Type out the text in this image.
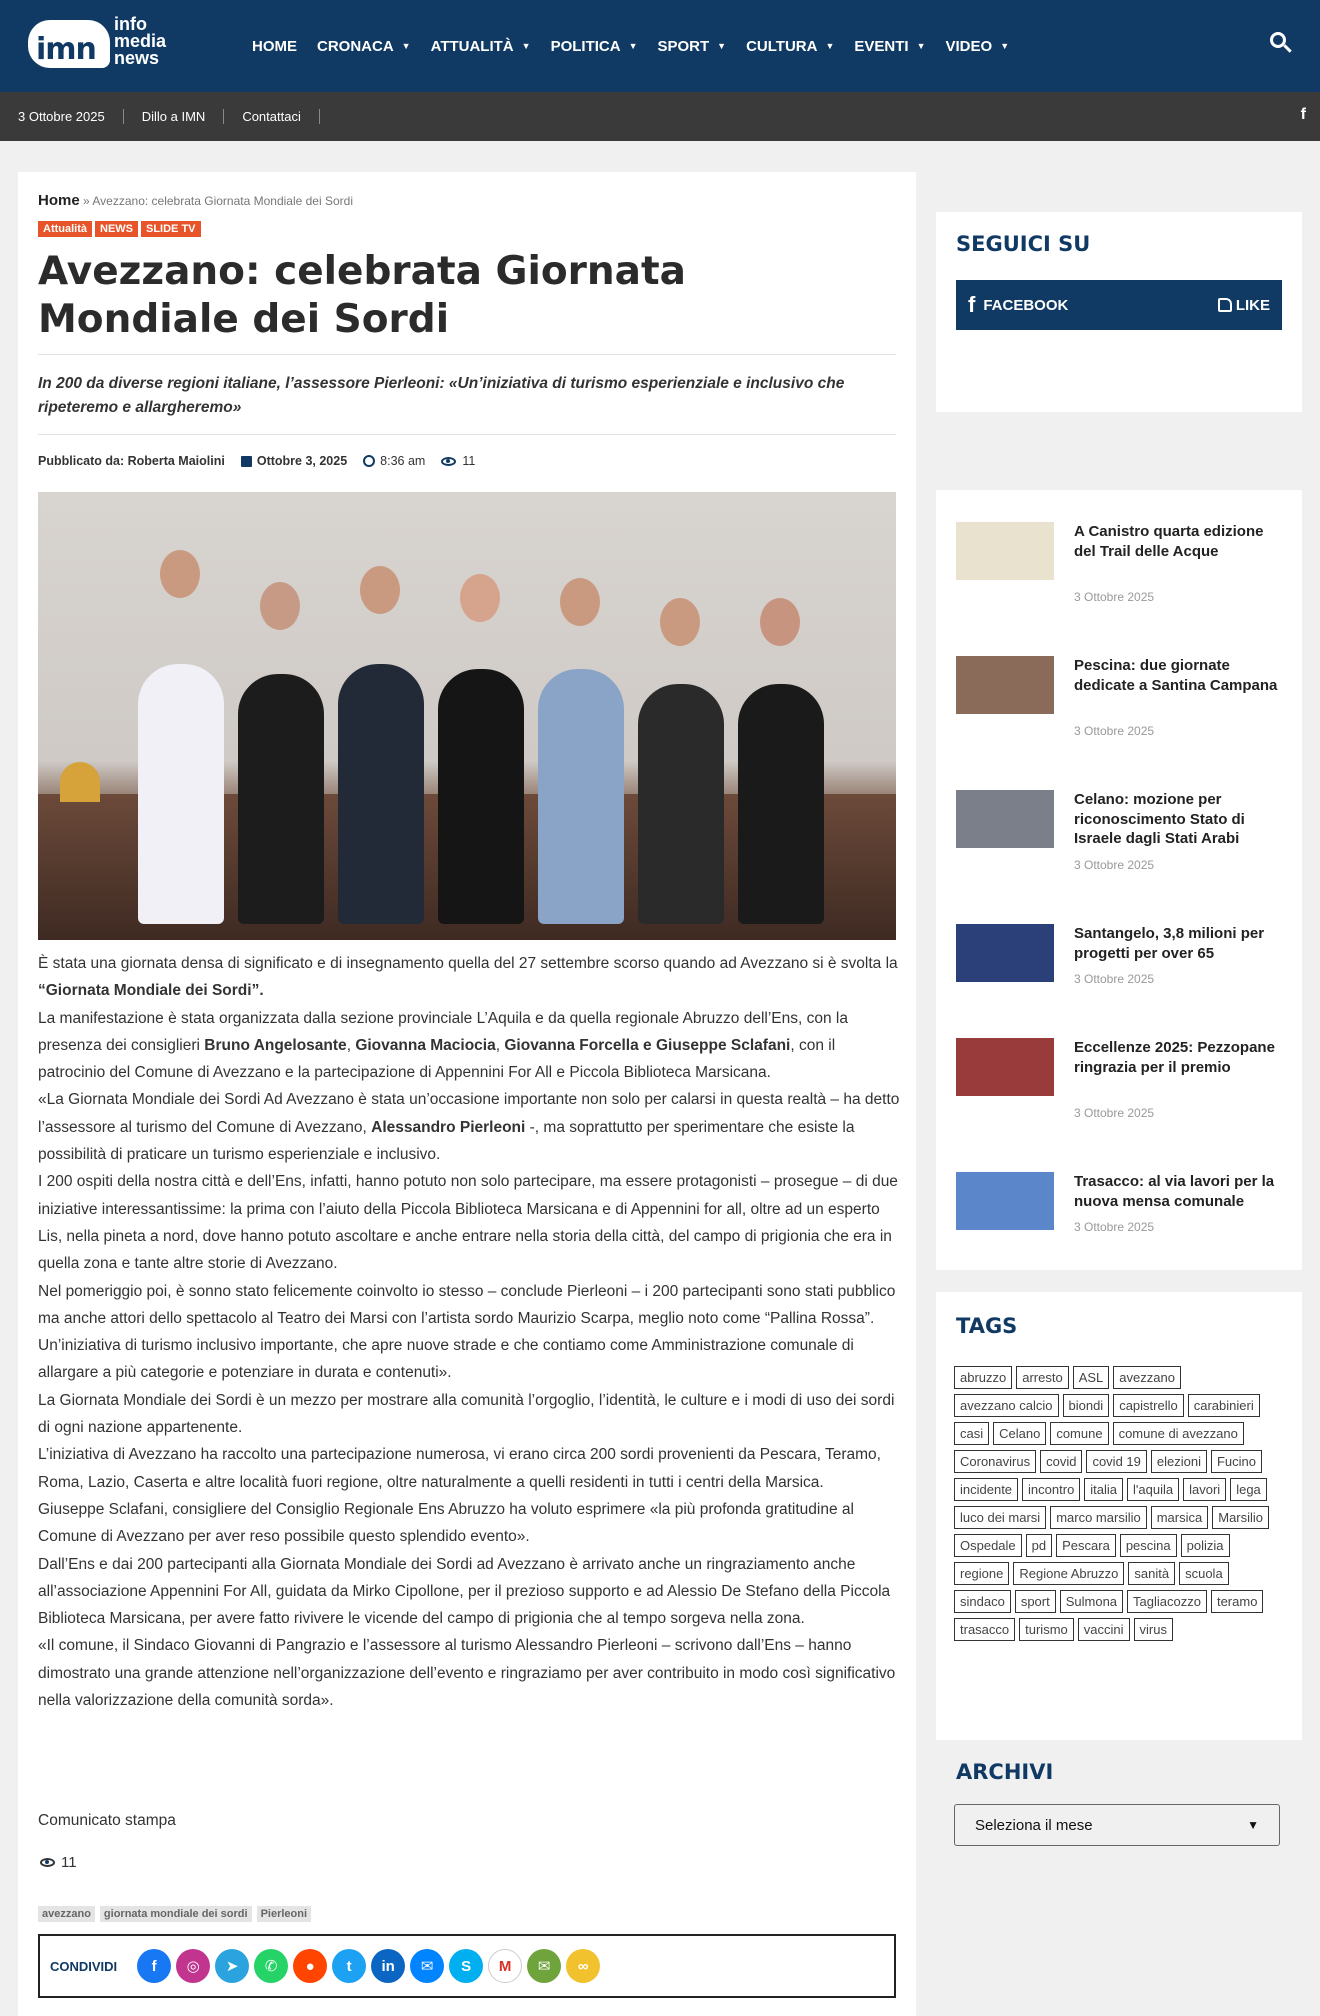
imn
info
media
news
HOME CRONACA ▼ ATTUALITÀ ▼ POLITICA ▼ SPORT ▼ CULTURA ▼ EVENTI ▼ VIDEO ▼
3 Ottobre 2025	Dillo a IMN	Contattaci	f
Home » Avezzano: celebrata Giornata Mondiale dei Sordi
Attualità	NEWS	SLIDE TV
Avezzano: celebrata Giornata Mondiale dei Sordi
In 200 da diverse regioni italiane, l’assessore Pierleoni: «Un’iniziativa di turismo esperienziale e inclusivo che ripeteremo e allargheremo»
Pubblicato da:
Roberta Maiolini	Ottobre 3, 2025	8:36 am	11

È stata una giornata densa di significato e di insegnamento quella del 27 settembre scorso quando ad Avezzano si è svolta la “Giornata Mondiale dei Sordi”.

La manifestazione è stata organizzata dalla sezione provinciale L’Aquila e da quella regionale Abruzzo dell’Ens, con la presenza dei consiglieri Bruno Angelosante, Giovanna Maciocia, Giovanna Forcella e Giuseppe Sclafani, con il patrocinio del Comune di Avezzano e la partecipazione di Appennini For All e Piccola Biblioteca Marsicana.

«La Giornata Mondiale dei Sordi Ad Avezzano è stata un’occasione importante non solo per calarsi in questa realtà – ha detto l’assessore al turismo del Comune di Avezzano, Alessandro Pierleoni -, ma soprattutto per sperimentare che esiste la possibilità di praticare un turismo esperienziale e inclusivo.

I 200 ospiti della nostra città e dell’Ens, infatti, hanno potuto non solo partecipare, ma essere protagonisti – prosegue – di due iniziative interessantissime: la prima con l’aiuto della Piccola Biblioteca Marsicana e di Appennini for all, oltre ad un esperto Lis, nella pineta a nord, dove hanno potuto ascoltare e anche entrare nella storia della città, del campo di prigionia che era in quella zona e tante altre storie di Avezzano.

Nel pomeriggio poi, è sonno stato felicemente coinvolto io stesso – conclude Pierleoni – i 200 partecipanti sono stati pubblico ma anche attori dello spettacolo al Teatro dei Marsi con l’artista sordo Maurizio Scarpa, meglio noto come “Pallina Rossa”.

Un’iniziativa di turismo inclusivo importante, che apre nuove strade e che contiamo come Amministrazione comunale di allargare a più categorie e potenziare in durata e contenuti».

La Giornata Mondiale dei Sordi è un mezzo per mostrare alla comunità l’orgoglio, l’identità, le culture e i modi di uso dei sordi di ogni nazione appartenente.

L’iniziativa di Avezzano ha raccolto una partecipazione numerosa, vi erano circa 200 sordi provenienti da Pescara, Teramo, Roma, Lazio, Caserta e altre località fuori regione, oltre naturalmente a quelli residenti in tutti i centri della Marsica.

Giuseppe Sclafani, consigliere del Consiglio Regionale Ens Abruzzo ha voluto esprimere «la più profonda gratitudine al Comune di Avezzano per aver reso possibile questo splendido evento».

Dall’Ens e dai 200 partecipanti alla Giornata Mondiale dei Sordi ad Avezzano è arrivato anche un ringraziamento anche all’associazione Appennini For All, guidata da Mirko Cipollone, per il prezioso supporto e ad Alessio De Stefano della Piccola Biblioteca Marsicana, per avere fatto rivivere le vicende del campo di prigionia che al tempo sorgeva nella zona.

«Il comune, il Sindaco Giovanni di Pangrazio e l’assessore al turismo Alessandro Pierleoni – scrivono dall’Ens – hanno dimostrato una grande attenzione nell’organizzazione dell’evento e ringraziamo per aver contribuito in modo così significativo nella valorizzazione della comunità sorda».

Comunicato stampa
11
avezzano	giornata mondiale dei sordi	Pierleoni
CONDIVIDI	f	◎	➤	✆	●	t	in	✉	S	M	✉	∞
SEGUICI SU
f FACEBOOK	LIKE
A Canistro quarta edizione del Trail delle Acque
3 Ottobre 2025
Pescina: due giornate dedicate a Santina Campana
3 Ottobre 2025
Celano: mozione per riconoscimento Stato di Israele dagli Stati Arabi
3 Ottobre 2025
Santangelo, 3,8 milioni per progetti per over 65
3 Ottobre 2025
Eccellenze 2025: Pezzopane ringrazia per il premio
3 Ottobre 2025
Trasacco: al via lavori per la nuova mensa comunale
3 Ottobre 2025
TAGS
abruzzo	arresto	ASL	avezzano
avezzano calcio	biondi	capistrello	carabinieri
casi	Celano	comune	comune di avezzano
Coronavirus	covid	covid 19	elezioni	Fucino
incidente	incontro	italia	l'aquila	lavori	lega
luco dei marsi	marco marsilio	marsica	Marsilio
Ospedale	pd	Pescara	pescina	polizia
regione	Regione Abruzzo	sanità	scuola
sindaco	sport	Sulmona	Tagliacozzo	teramo
trasacco	turismo	vaccini	virus
ARCHIVI
Seleziona il mese	▼
